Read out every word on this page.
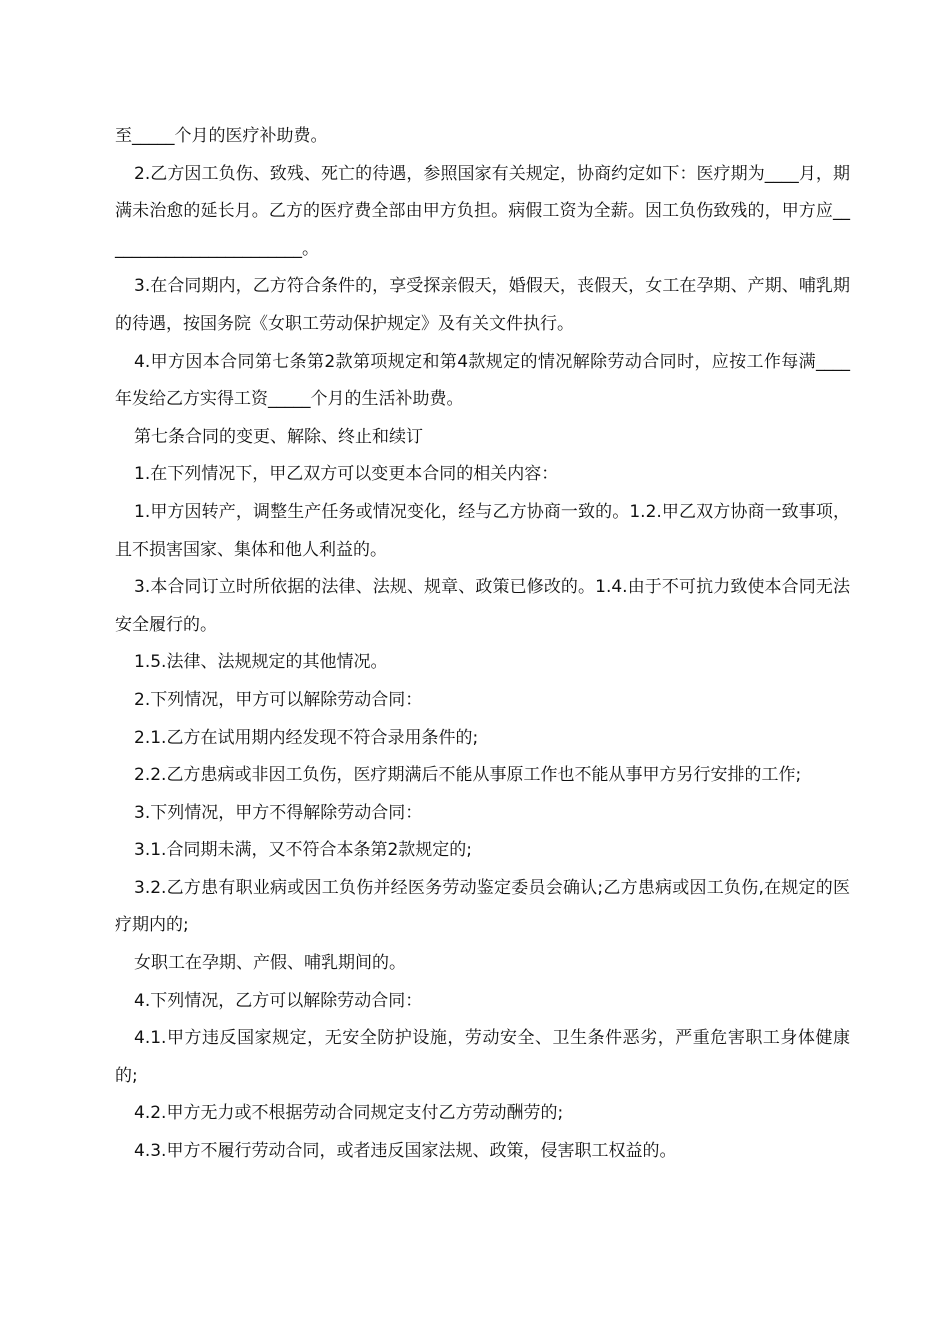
至_____个月的医疗补助费。

2.乙方因工负伤、致残、死亡的待遇，参照国家有关规定，协商约定如下：医疗期为____月，期满未治愈的延长月。乙方的医疗费全部由甲方负担。病假工资为全薪。因工负伤致残的，甲方应________________________。

3.在合同期内，乙方符合条件的，享受探亲假天，婚假天，丧假天，女工在孕期、产期、哺乳期的待遇，按国务院《女职工劳动保护规定》及有关文件执行。

4.甲方因本合同第七条第2款第项规定和第4款规定的情况解除劳动合同时，应按工作每满____年发给乙方实得工资_____个月的生活补助费。

第七条合同的变更、解除、终止和续订

1.在下列情况下，甲乙双方可以变更本合同的相关内容：

1.甲方因转产，调整生产任务或情况变化，经与乙方协商一致的。1.2.甲乙双方协商一致事项，且不损害国家、集体和他人利益的。

3.本合同订立时所依据的法律、法规、规章、政策已修改的。1.4.由于不可抗力致使本合同无法安全履行的。

1.5.法律、法规规定的其他情况。

2.下列情况，甲方可以解除劳动合同：

2.1.乙方在试用期内经发现不符合录用条件的;

2.2.乙方患病或非因工负伤，医疗期满后不能从事原工作也不能从事甲方另行安排的工作;

3.下列情况，甲方不得解除劳动合同：

3.1.合同期未满，又不符合本条第2款规定的;

3.2.乙方患有职业病或因工负伤并经医务劳动鉴定委员会确认;乙方患病或因工负伤,在规定的医疗期内的;

女职工在孕期、产假、哺乳期间的。

4.下列情况，乙方可以解除劳动合同：

4.1.甲方违反国家规定，无安全防护设施，劳动安全、卫生条件恶劣，严重危害职工身体健康的;

4.2.甲方无力或不根据劳动合同规定支付乙方劳动酬劳的;

4.3.甲方不履行劳动合同，或者违反国家法规、政策，侵害职工权益的。
